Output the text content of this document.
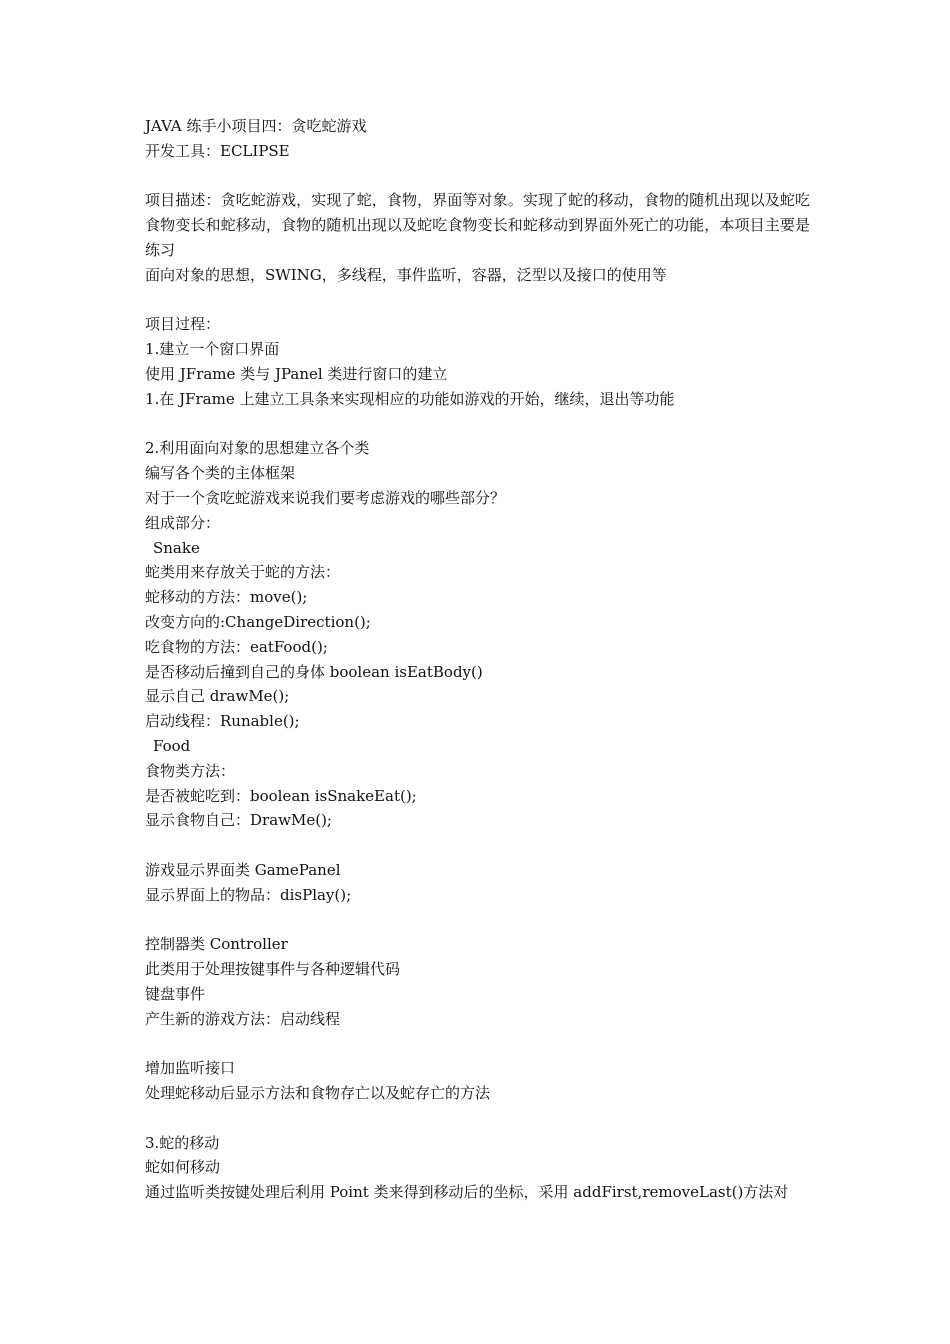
JAVA 练手小项目四：贪吃蛇游戏
开发工具：ECLIPSE
项目描述：贪吃蛇游戏，实现了蛇，食物，界面等对象。实现了蛇的移动，食物的随机出现以及蛇吃食物变长和蛇移动，食物的随机出现以及蛇吃食物变长和蛇移动到界面外死亡的功能，本项目主要是练习
面向对象的思想，SWING，多线程，事件监听，容器，泛型以及接口的使用等
项目过程：
1.建立一个窗口界面
使用 JFrame 类与 JPanel 类进行窗口的建立
1.在 JFrame 上建立工具条来实现相应的功能如游戏的开始，继续，退出等功能
2.利用面向对象的思想建立各个类
编写各个类的主体框架
对于一个贪吃蛇游戏来说我们要考虑游戏的哪些部分？
组成部分：
Snake
蛇类用来存放关于蛇的方法：
蛇移动的方法：move();
改变方向的:ChangeDirection();
吃食物的方法：eatFood();
是否移动后撞到自己的身体 boolean isEatBody()
显示自己 drawMe();
启动线程：Runable();
Food
食物类方法：
是否被蛇吃到：boolean isSnakeEat();
显示食物自己：DrawMe();
游戏显示界面类 GamePanel
显示界面上的物品：disPlay();
控制器类 Controller
此类用于处理按键事件与各种逻辑代码
键盘事件
产生新的游戏方法：启动线程
增加监听接口
处理蛇移动后显示方法和食物存亡以及蛇存亡的方法
3.蛇的移动
蛇如何移动
通过监听类按键处理后利用 Point 类来得到移动后的坐标，采用 addFirst,removeLast()方法对
